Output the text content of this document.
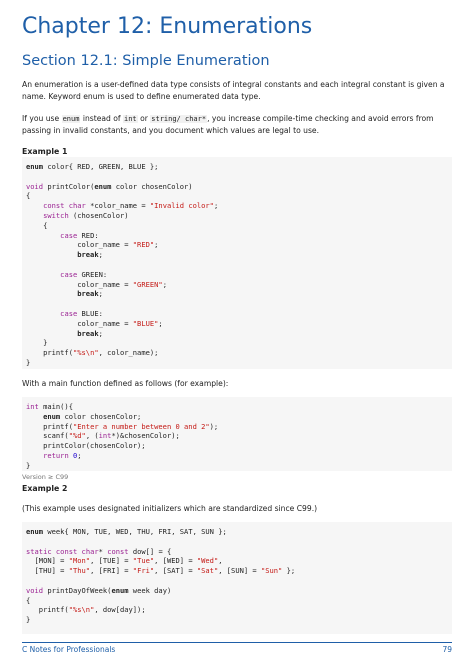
Chapter 12: Enumerations
Section 12.1: Simple Enumeration

An enumeration is a user-defined data type consists of integral constants and each integral constant is given a name. Keyword enum is used to define enumerated data type.

If you use enum instead of int or string/ char*, you increase compile-time checking and avoid errors from passing in invalid constants, and you document which values are legal to use.

Example 1

enum color{ RED, GREEN, BLUE };

void printColor(enum color chosenColor)
{
const char *color_name = "Invalid color";
switch (chosenColor)
{
case RED:
color_name = "RED";
break;

case GREEN:
color_name = "GREEN";
break;

case BLUE:
color_name = "BLUE";
break;
}
printf("%s\n", color_name);
}

With a main function defined as follows (for example):

int main(){
enum color chosenColor;
printf("Enter a number between 0 and 2");
scanf("%d", (int*)&chosenColor);
printColor(chosenColor);
return 0;
}

Version ≥ C99

Example 2

(This example uses designated initializers which are standardized since C99.)

enum week{ MON, TUE, WED, THU, FRI, SAT, SUN };

static const char* const dow[] = {
[MON] = "Mon", [TUE] = "Tue", [WED] = "Wed",
[THU] = "Thu", [FRI] = "Fri", [SAT] = "Sat", [SUN] = "Sun" };

void printDayOfWeek(enum week day)
{
printf("%s\n", dow[day]);
}
C Notes for Professionals	79
